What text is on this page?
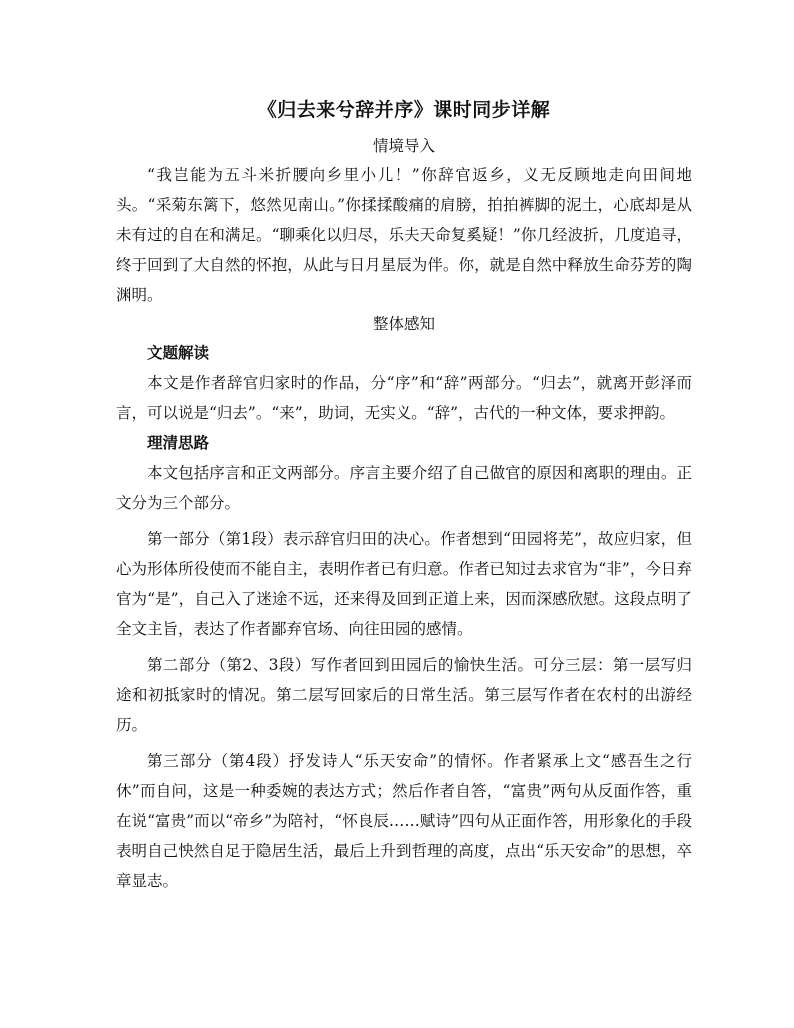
《归去来兮辞并序》课时同步详解
情境导入

“我岂能为五斗米折腰向乡里小儿！”你辞官返乡，义无反顾地走向田间地头。“采菊东篱下，悠然见南山。”你揉揉酸痛的肩膀，拍拍裤脚的泥土，心底却是从未有过的自在和满足。“聊乘化以归尽，乐夫天命复奚疑！”你几经波折，几度追寻，终于回到了大自然的怀抱，从此与日月星辰为伴。你，就是自然中释放生命芬芳的陶渊明。

整体感知
文题解读

本文是作者辞官归家时的作品，分“序”和“辞”两部分。“归去”，就离开彭泽而言，可以说是“归去”。“来”，助词，无实义。“辞”，古代的一种文体，要求押韵。

理清思路

本文包括序言和正文两部分。序言主要介绍了自己做官的原因和离职的理由。正文分为三个部分。

第一部分（第1段）表示辞官归田的决心。作者想到“田园将芜”，故应归家，但心为形体所役使而不能自主，表明作者已有归意。作者已知过去求官为“非”，今日弃官为“是”，自己入了迷途不远，还来得及回到正道上来，因而深感欣慰。这段点明了全文主旨，表达了作者鄙弃官场、向往田园的感情。

第二部分（第2、3段）写作者回到田园后的愉快生活。可分三层：第一层写归途和初抵家时的情况。第二层写回家后的日常生活。第三层写作者在农村的出游经历。

第三部分（第4段）抒发诗人“乐天安命”的情怀。作者紧承上文“感吾生之行休”而自问，这是一种委婉的表达方式；然后作者自答，“富贵”两句从反面作答，重在说“富贵”而以“帝乡”为陪衬，“怀良辰……赋诗”四句从正面作答，用形象化的手段表明自己怏然自足于隐居生活，最后上升到哲理的高度，点出“乐天安命”的思想，卒章显志。
